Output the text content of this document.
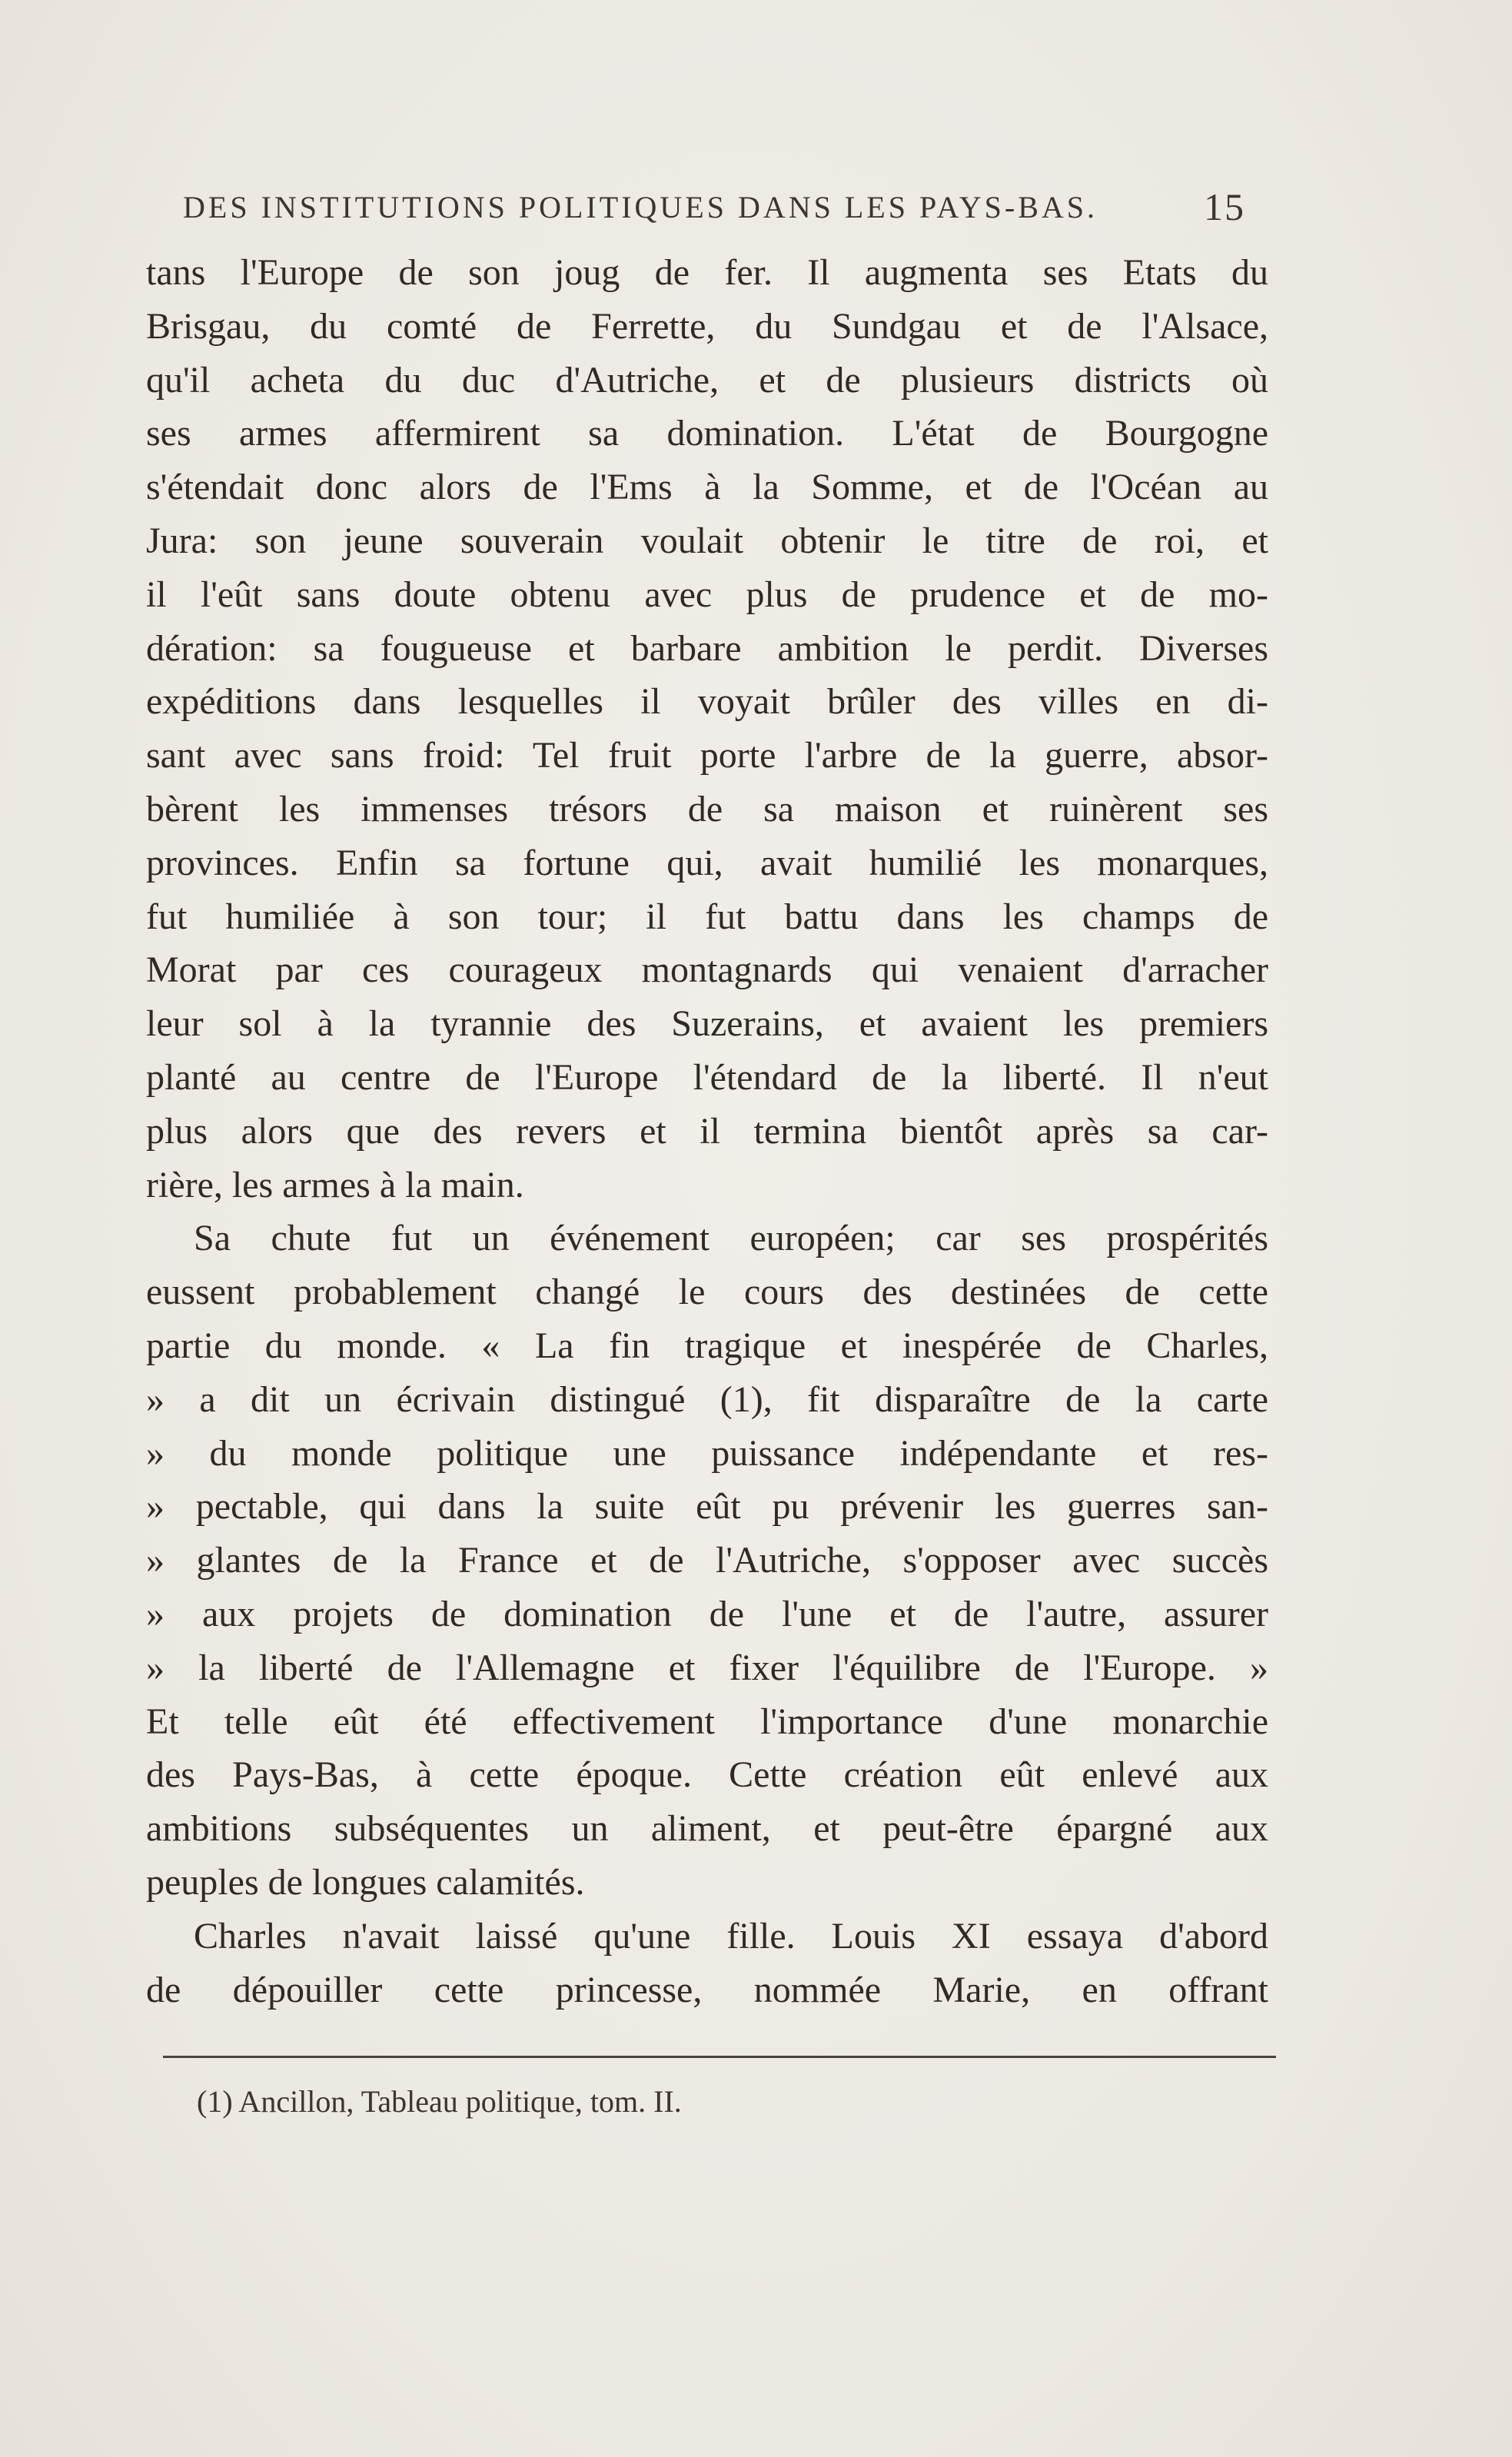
DES INSTITUTIONS POLITIQUES DANS LES PAYS-BAS.	15
tans l'Europe de son joug de fer. Il augmenta ses Etats du
Brisgau, du comté de Ferrette, du Sundgau et de l'Alsace,
qu'il acheta du duc d'Autriche, et de plusieurs districts où
ses armes affermirent sa domination. L'état de Bourgogne
s'étendait donc alors de l'Ems à la Somme, et de l'Océan au
Jura: son jeune souverain voulait obtenir le titre de roi, et
il l'eût sans doute obtenu avec plus de prudence et de mo-
dération: sa fougueuse et barbare ambition le perdit. Diverses
expéditions dans lesquelles il voyait brûler des villes en di-
sant avec sans froid: Tel fruit porte l'arbre de la guerre, absor-
bèrent les immenses trésors de sa maison et ruinèrent ses
provinces. Enfin sa fortune qui, avait humilié les monarques,
fut humiliée à son tour; il fut battu dans les champs de
Morat par ces courageux montagnards qui venaient d'arracher
leur sol à la tyrannie des Suzerains, et avaient les premiers
planté au centre de l'Europe l'étendard de la liberté. Il n'eut
plus alors que des revers et il termina bientôt après sa car-
rière, les armes à la main.
Sa chute fut un événement européen; car ses prospérités
eussent probablement changé le cours des destinées de cette
partie du monde. « La fin tragique et inespérée de Charles,
» a dit un écrivain distingué (1), fit disparaître de la carte
» du monde politique une puissance indépendante et res-
» pectable, qui dans la suite eût pu prévenir les guerres san-
» glantes de la France et de l'Autriche, s'opposer avec succès
» aux projets de domination de l'une et de l'autre, assurer
» la liberté de l'Allemagne et fixer l'équilibre de l'Europe. »
Et telle eût été effectivement l'importance d'une monarchie
des Pays-Bas, à cette époque. Cette création eût enlevé aux
ambitions subséquentes un aliment, et peut-être épargné aux
peuples de longues calamités.
Charles n'avait laissé qu'une fille. Louis XI essaya d'abord
de dépouiller cette princesse, nommée Marie, en offrant
(1) Ancillon, Tableau politique, tom. II.
